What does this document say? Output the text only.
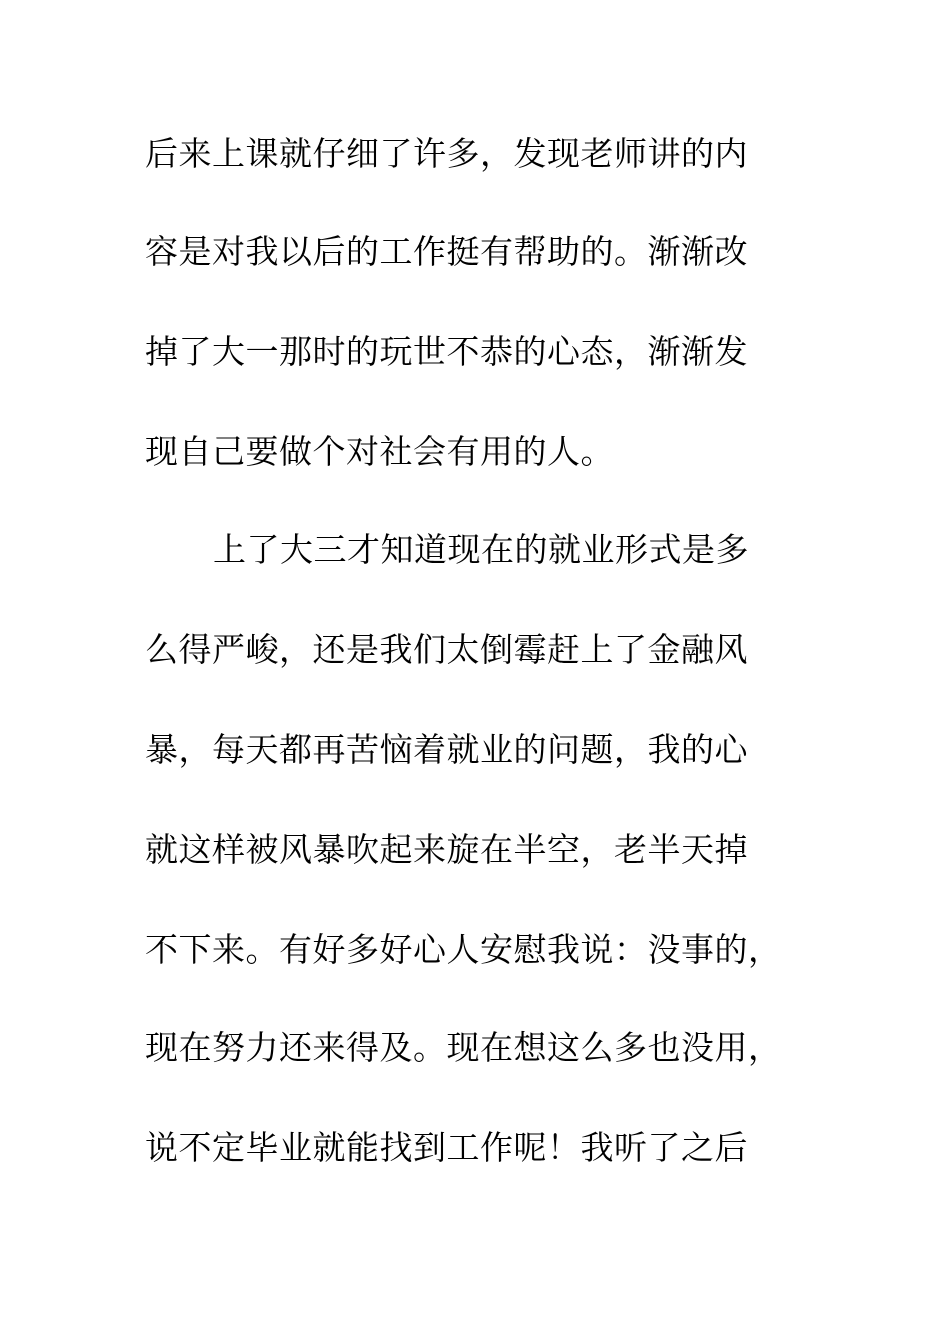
后来上课就仔细了许多，发现老师讲的内
容是对我以后的工作挺有帮助的。渐渐改
掉了大一那时的玩世不恭的心态，渐渐发
现自己要做个对社会有用的人。
上了大三才知道现在的就业形式是多
么得严峻，还是我们太倒霉赶上了金融风
暴，每天都再苦恼着就业的问题，我的心
就这样被风暴吹起来旋在半空，老半天掉
不下来。有好多好心人安慰我说：没事的，
现在努力还来得及。现在想这么多也没用，
说不定毕业就能找到工作呢！我听了之后
